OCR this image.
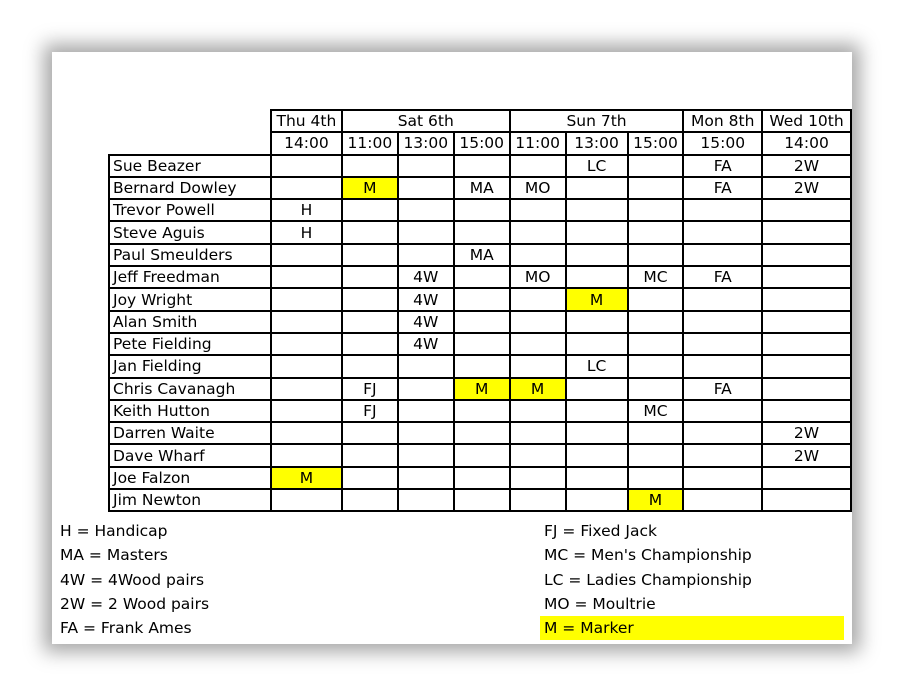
	Thu 4th	Sat 6th			Sun 7th			Mon 8th	Wed 10th
	14:00	11:00	13:00	15:00	11:00	13:00	15:00	15:00	14:00
Sue Beazer						LC		FA	2W
Bernard Dowley		M		MA	MO			FA	2W
Trevor Powell	H								
Steve Aguis	H								
Paul Smeulders				MA					
Jeff Freedman			4W		MO		MC	FA	
Joy Wright			4W			M			
Alan Smith			4W						
Pete Fielding			4W						
Jan Fielding						LC			
Chris Cavanagh		FJ		M	M			FA	
Keith Hutton		FJ					MC		
Darren Waite									2W
Dave Wharf									2W
Joe Falzon	M								
Jim Newton							M		
H = Handicap
MA = Masters
4W = 4Wood pairs
2W = 2 Wood pairs
FA = Frank Ames
FJ = Fixed Jack
MC = Men's Championship
LC = Ladies Championship
MO = Moultrie
M = Marker
